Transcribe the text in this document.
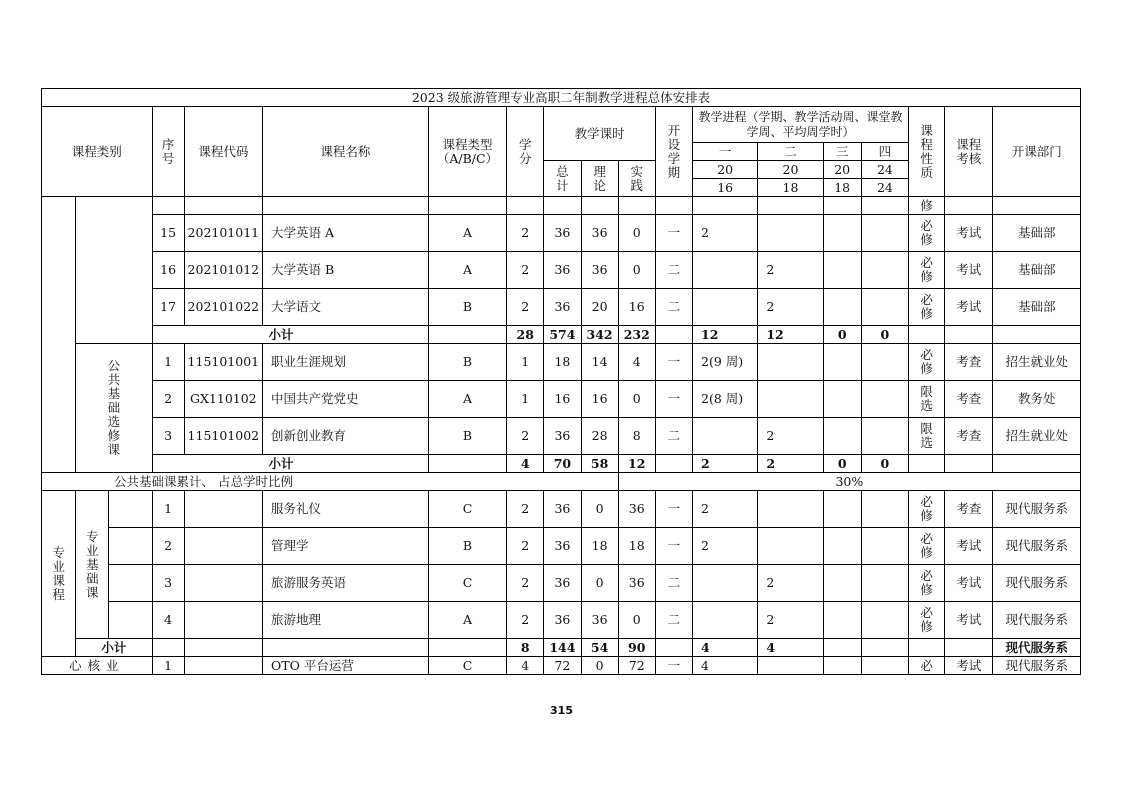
2023 级旅游管理专业高职二年制教学进程总体安排表																		
课程类别			序号	课程代码	课程名称	课程类型（A/B/C）	学分	教学课时			开设学期	教学进程（学期、教学活动周、课堂教学周、平均周学时）				课程性质	课程考核	开课部门
												一	二	三	四			
								总计	理论	实践		20	20	20	24			
												16	18	18	24			
																修		
			15	202101011	大学英语 A	A	2	36	36	0	一	2				必修	考试	基础部
			16	202101012	大学英语 B	A	2	36	36	0	二		2			必修	考试	基础部
			17	202101022	大学语文	B	2	36	20	16	二		2			必修	考试	基础部
			小计				28	574	342	232		12	12	0	0			
	公共基础选修课		1	115101001	职业生涯规划	B	1	18	14	4	一	2(9 周)				必修	考查	招生就业处
			2	GX110102	中国共产党党史	A	1	16	16	0	一	2(8 周)				限选	考查	教务处
			3	115101002	创新创业教育	B	2	36	28	8	二		2			限选	考查	招生就业处
			小计				4	70	58	12		2	2	0	0			
公共基础课累计、 占总学时比例										30%								
专业课程	专业基础课		1		服务礼仪	C	2	36	0	36	一	2				必修	考查	现代服务系
			2		管理学	B	2	36	18	18	一	2				必修	考试	现代服务系
			3		旅游服务英语	C	2	36	0	36	二		2			必修	考试	现代服务系
			4		旅游地理	A	2	36	36	0	二		2			必修	考试	现代服务系
	小计						8	144	54	90		4	4					现代服务系
心核业			1		OTO 平台运营	C	4	72	0	72	一	4				必	考试	现代服务系
315
